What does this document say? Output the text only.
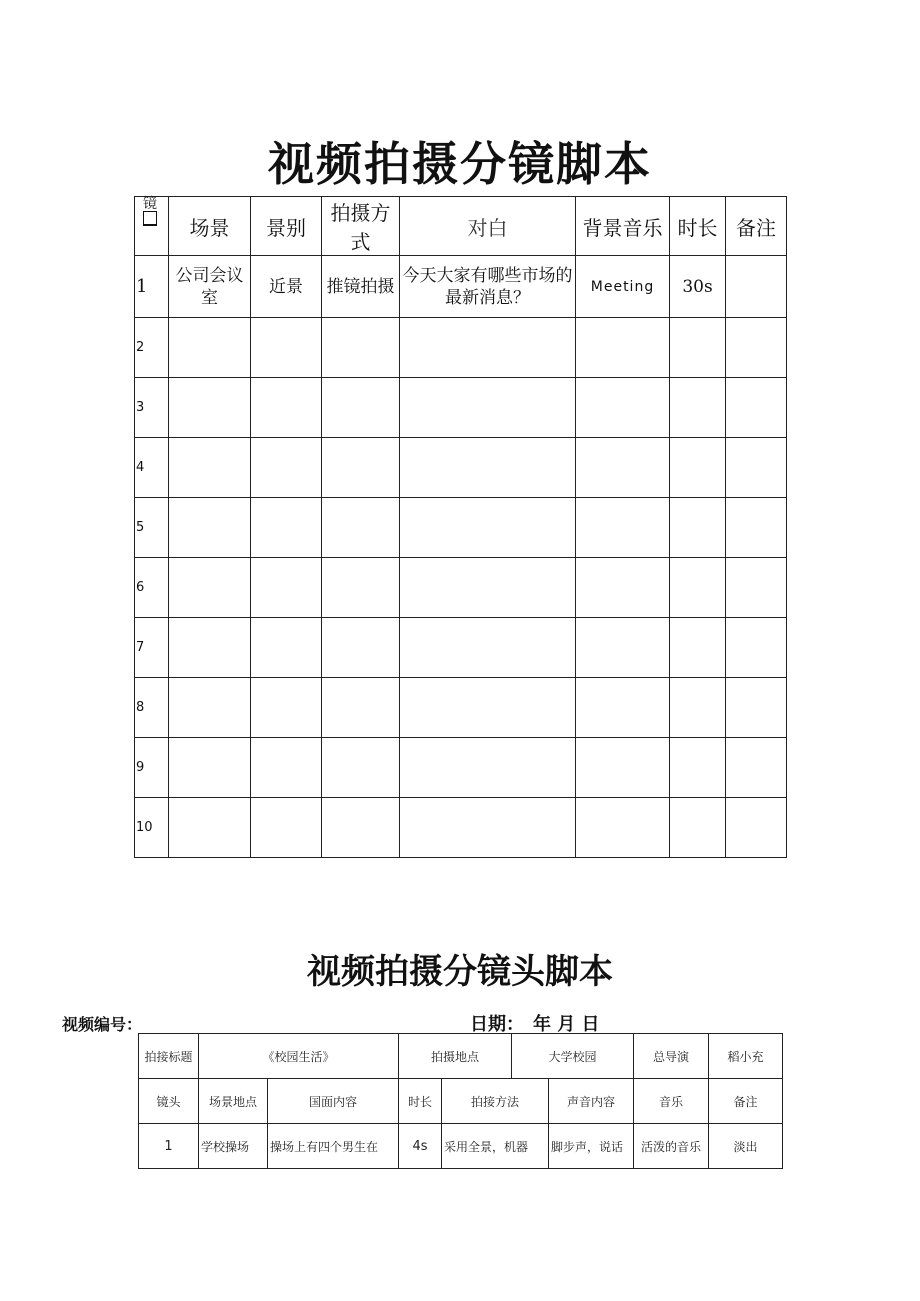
视频拍摄分镜脚本
镜	场景	景别	拍摄方式	对白	背景音乐	时长	备注
1	公司会议室	近景	推镜拍摄	今天大家有哪些市场的最新消息？	Meeting	30s	
2							
3							
4							
5							
6							
7							
8							
9							
10							
视频拍摄分镜头脚本
视频编号：	日期：　年 月 日
拍接标题	《校园生活》		拍摄地点		大学校园		总导演	稻小充
镜头	场景地点	国面内容	时长	拍接方法		声音内容	音乐	备注
1	学校操场	操场上有四个男生在	4s	采用全景，机器		脚步声，说话	活泼的音乐	淡出
